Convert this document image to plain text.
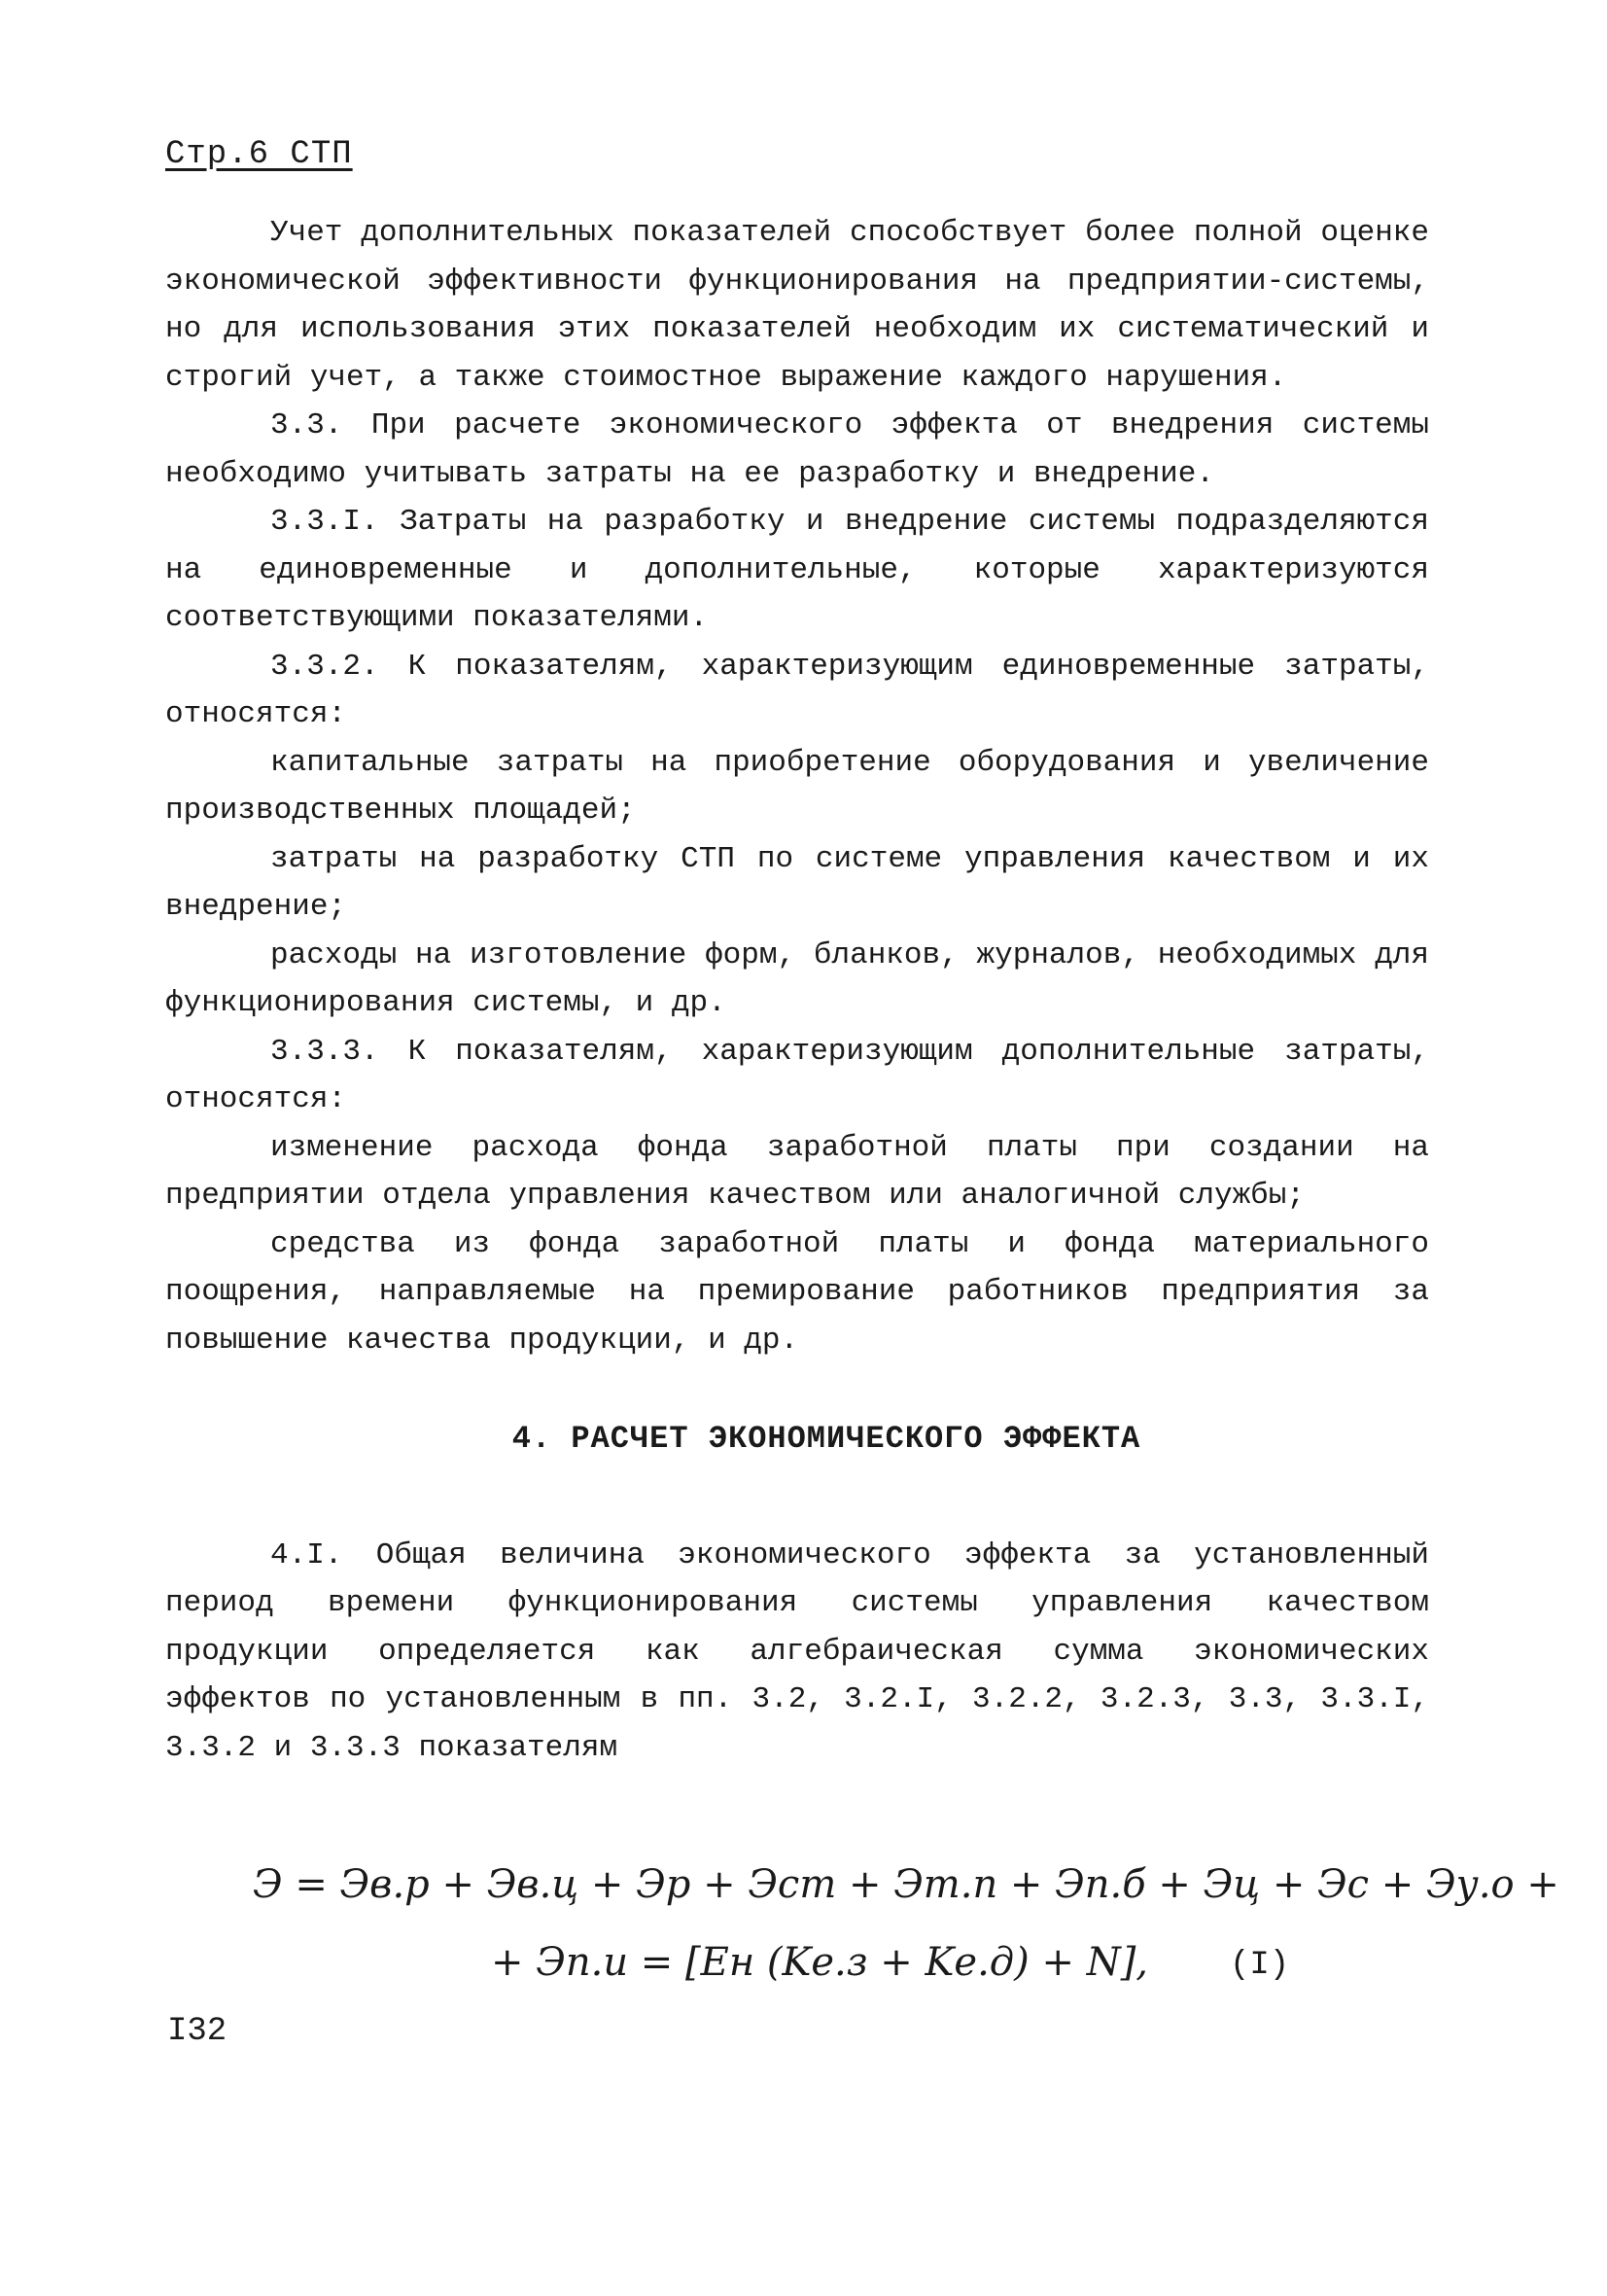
Стр.6 СТП

Учет дополнительных показателей способствует более полной оценке экономической эффективности функционирования на предприятии-системы, но для использования этих показателей необходим их систематический и строгий учет, а также стоимостное выражение каждого нарушения.

3.3. При расчете экономического эффекта от внедрения системы необходимо учитывать затраты на ее разработку и внедрение.

3.3.I. Затраты на разработку и внедрение системы подразделяются на единовременные и дополнительные, которые характеризуются соответствующими показателями.

3.3.2. К показателям, характеризующим единовременные затраты, относятся:

капитальные затраты на приобретение оборудования и увеличение производственных площадей;

затраты на разработку СТП по системе управления качеством и их внедрение;

расходы на изготовление форм, бланков, журналов, необходимых для функционирования системы, и др.

3.3.3. К показателям, характеризующим дополнительные затраты, относятся:

изменение расхода фонда заработной платы при создании на предприятии отдела управления качеством или аналогичной службы;

средства из фонда заработной платы и фонда материального поощрения, направляемые на премирование работников предприятия за повышение качества продукции, и др.

4. РАСЧЕТ ЭКОНОМИЧЕСКОГО ЭФФЕКТА

4.I. Общая величина экономического эффекта за установленный период времени функционирования системы управления качеством продукции определяется как алгебраическая сумма экономических эффектов по установленным в пп. 3.2, 3.2.I, 3.2.2, 3.2.3, 3.3, 3.3.I, 3.3.2 и 3.3.3 показателям

Э = Эв.р + Эв.ц + Эр + Эст + Эт.п + Эп.б + Эц + Эс + Эу.о +
+ Эп.и = [Eн (Kе.з + Kе.д) + N], (I)
I32
